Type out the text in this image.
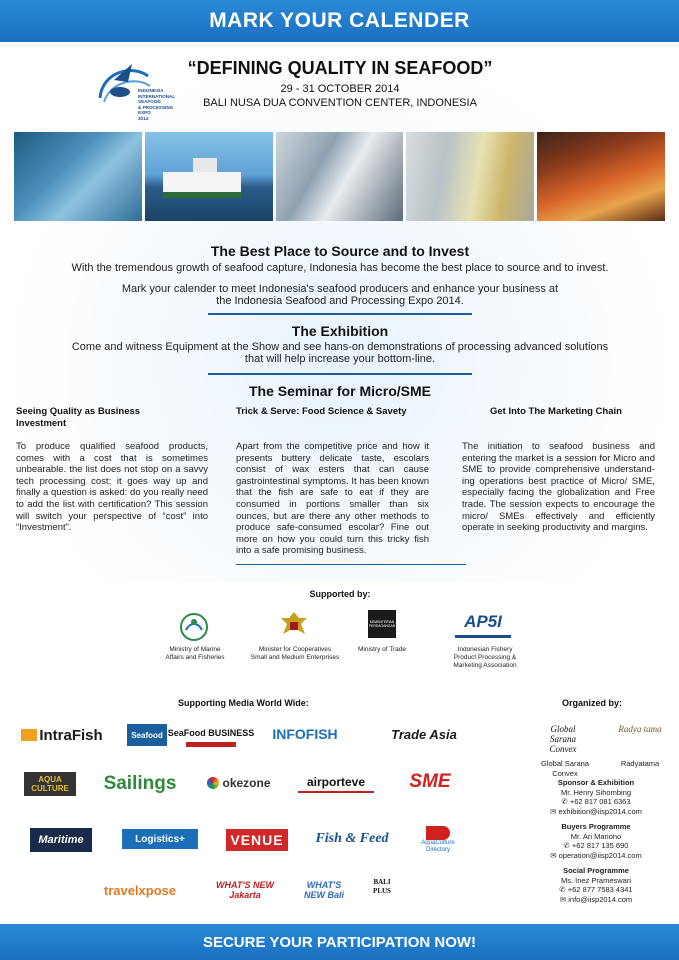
MARK YOUR CALENDER
INDONESIA
INTERNATIONAL SEAFOOD
& PROCESSING EXPO
2014
“DEFINING QUALITY IN SEAFOOD”
29 - 31 OCTOBER 2014
BALI NUSA DUA CONVENTION CENTER, INDONESIA
The Best Place to Source and to Invest
With the tremendous growth of seafood capture, Indonesia has become the best place to source and to invest.
Mark your calender to meet Indonesia's seafood producers and enhance your business at
the Indonesia Seafood and Processing Expo 2014.
The Exhibition
Come and witness Equipment at the Show and see hans-on demonstrations of processing advanced solutions
that will help increase your bottom-line.
The Seminar for Micro/SME
Seeing Quality as Business Investment
To produce qualified seafood products, comes with a cost that is sometimes unbearable. the list does not stop on a savvy tech processing cost; it goes way up and finally a question is asked: do you really need to add the list with certification? This session will switch your perspective of “cost” into “Investment”.
Trick & Serve: Food Science & Savety
Apart from the competitive price and how it presents buttery delicate taste, escolars consist of wax esters that can cause gastrointestinal symptoms. It has been known that the fish are safe to eat if they are consumed in portions smaller than six ounces, but are there any other methods to produce safe-consumed escolar? Fine out more on how you could turn this tricky fish into a safe promising business.
Get Into The Marketing Chain
The initiation to seafood business and entering the market is a session for Micro and SME to provide comprehensive understand-ing operations best practice of Micro/ SME, especially facing the globalization and Free trade. The session expects to encourage the micro/ SMEs effectively and efficiently operate in seeking productivity and margins.
Supported by:
Ministry of Marine
Affairs and Fisheries
Minister for Cooperatives
Small and Medium Enterprises
KEMENTERIAN PERDAGANGAN
Ministry of Trade
AP5I
Indonesian Fishery
Product Processing &
Marketing Association
Supporting Media World Wide:
IntraFish	Seafood SeaFood BUSINESS	INFOFISH	Trade Asia
AQUA CULTURE	Sailings	okezone	airporteve	SME
Maritime	Logistics+	VENUE	Fish & Feed	AquaCulture Directory
travelxpose	WHAT'S NEW Jakarta
WHAT'S NEW Bali
BALI PLUS
Organized by:
Global Sarana Convex
Global Sarana Convex
Radya tama
Radyatama
Sponsor & Exhibition
Mr. Henry Sihombing
✆ +62 817 081 6363
✉ exhibition@iisp2014.com
Buyers Programme
Mr. Ari Mariono
✆ +62 817 135 690
✉ operation@iisp2014.com
Social Programme
Ms. Inez Prameswari
✆ +62 877 7583 4341
✉ info@iisp2014.com
SECURE YOUR PARTICIPATION NOW!
